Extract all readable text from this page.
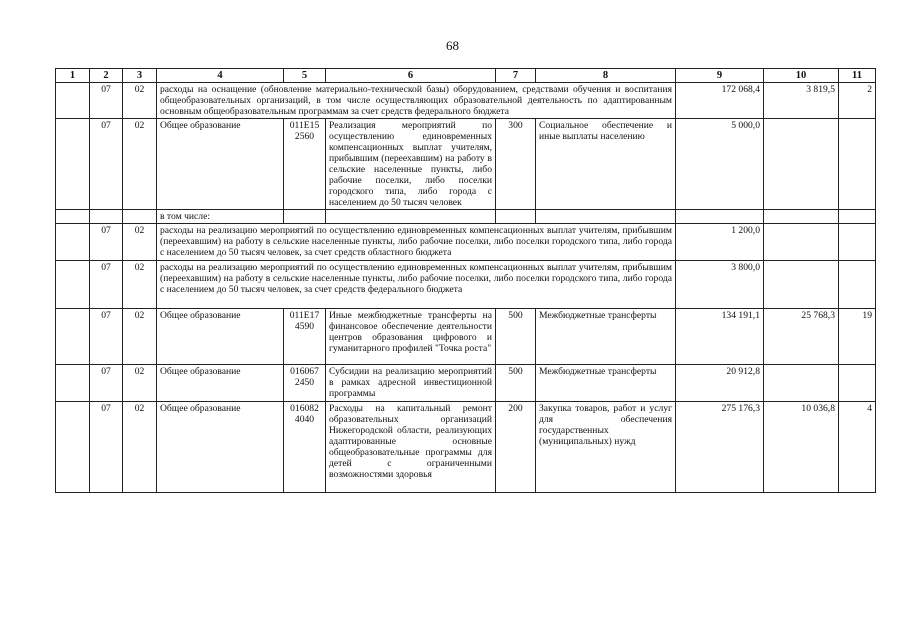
68
1	2	3	4	5	6	7	8	9	10	11
	07	02	расходы на оснащение (обновление материально-технической базы) оборудованием, средствами обучения и воспитания общеобразовательных организаций, в том числе осуществляющих образовательной деятельность по адаптированным основным общеобразовательным программам за счет средств федерального бюджета					172 068,4	3 819,5	2
	07	02	Общее образование	011Е15 2560	Реализация мероприятий по осуществлению единовременных компенсационных выплат учителям, прибывшим (переехавшим) на работу в сельские населенные пункты, либо рабочие поселки, либо поселки городского типа, либо города с населением до 50 тысяч человек	300	Социальное обеспечение и иные выплаты населению	5 000,0		
			в том числе:							
	07	02	расходы на реализацию мероприятий по осуществлению единовременных компенсационных выплат учителям, прибывшим (переехавшим) на работу в сельские населенные пункты, либо рабочие поселки, либо поселки городского типа, либо города с населением до 50 тысяч человек, за счет средств областного бюджета					1 200,0		
	07	02	расходы на реализацию мероприятий по осуществлению единовременных компенсационных выплат учителям, прибывшим (переехавшим) на работу в сельские населенные пункты, либо рабочие поселки, либо поселки городского типа, либо города с населением до 50 тысяч человек, за счет средств федерального бюджета					3 800,0		
	07	02	Общее образование	011Е17 4590	Иные межбюджетные трансферты на финансовое обеспечение деятельности центров образования цифрового и гуманитарного профилей "Точка роста"	500	Межбюджетные трансферты	134 191,1	25 768,3	19
	07	02	Общее образование	016067 2450	Субсидии на реализацию мероприятий в рамках адресной инвестиционной программы	500	Межбюджетные трансферты	20 912,8		
	07	02	Общее образование	016082 4040	Расходы на капитальный ремонт образовательных организаций Нижегородской области, реализующих адаптированные основные общеобразовательные программы для детей с ограниченными возможностями здоровья	200	Закупка товаров, работ и услуг для обеспечения государственных (муниципальных) нужд	275 176,3	10 036,8	4
